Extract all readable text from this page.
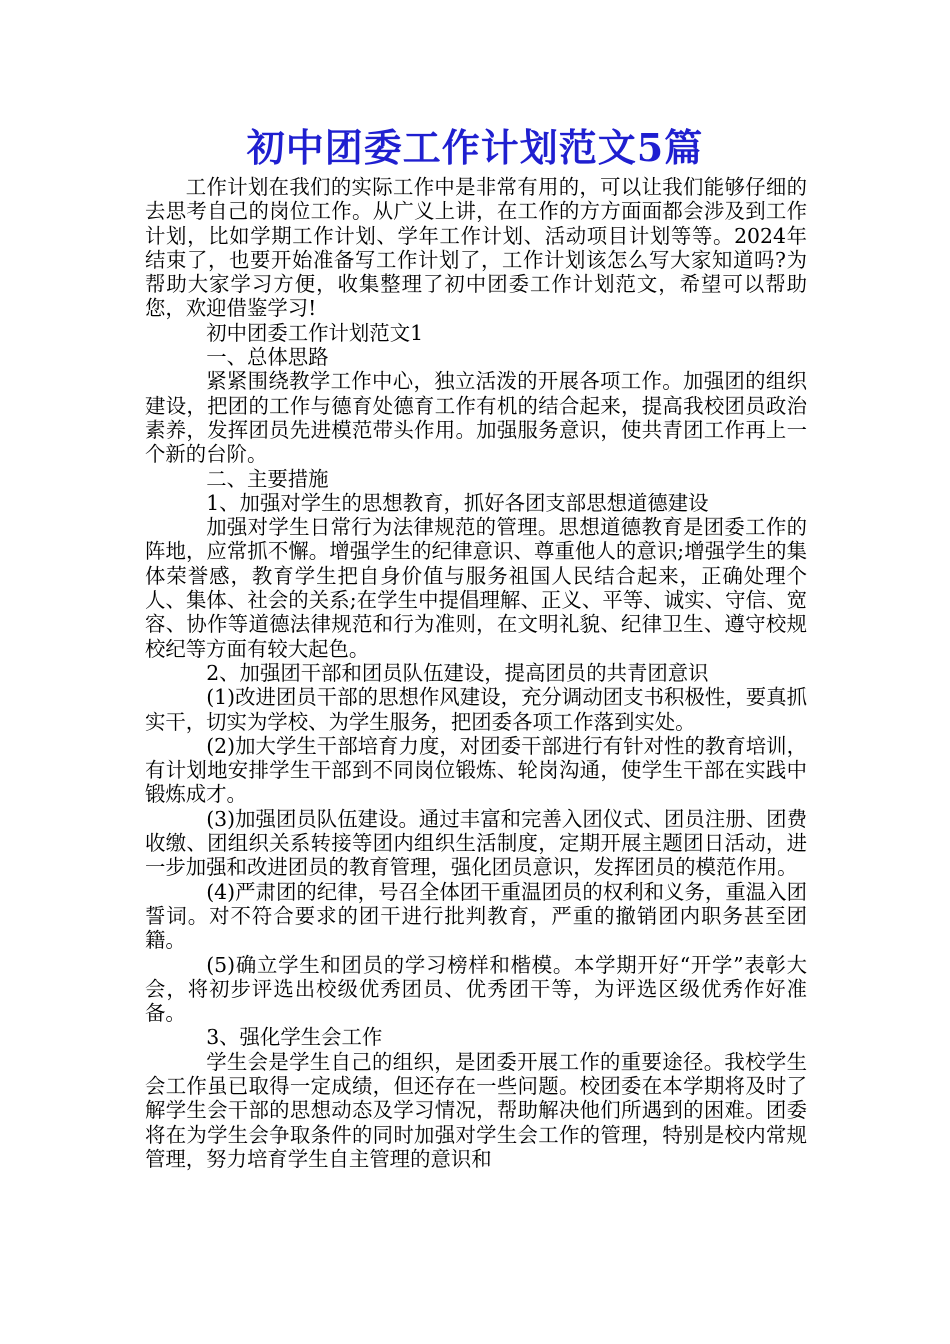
初中团委工作计划范文5篇

工作计划在我们的实际工作中是非常有用的，可以让我们能够仔细的去思考自己的岗位工作。从广义上讲，在工作的方方面面都会涉及到工作计划，比如学期工作计划、学年工作计划、活动项目计划等等。2024年结束了，也要开始准备写工作计划了，工作计划该怎么写大家知道吗?为帮助大家学习方便，收集整理了初中团委工作计划范文，希望可以帮助您，欢迎借鉴学习!

初中团委工作计划范文1

一、总体思路

紧紧围绕教学工作中心，独立活泼的开展各项工作。加强团的组织建设，把团的工作与德育处德育工作有机的结合起来，提高我校团员政治素养，发挥团员先进模范带头作用。加强服务意识，使共青团工作再上一个新的台阶。

二、主要措施

1、加强对学生的思想教育，抓好各团支部思想道德建设

加强对学生日常行为法律规范的管理。思想道德教育是团委工作的阵地，应常抓不懈。增强学生的纪律意识、尊重他人的意识;增强学生的集体荣誉感，教育学生把自身价值与服务祖国人民结合起来，正确处理个人、集体、社会的关系;在学生中提倡理解、正义、平等、诚实、守信、宽容、协作等道德法律规范和行为准则，在文明礼貌、纪律卫生、遵守校规校纪等方面有较大起色。

2、加强团干部和团员队伍建设，提高团员的共青团意识

(1)改进团员干部的思想作风建设，充分调动团支书积极性，要真抓实干，切实为学校、为学生服务，把团委各项工作落到实处。

(2)加大学生干部培育力度，对团委干部进行有针对性的教育培训，有计划地安排学生干部到不同岗位锻炼、轮岗沟通，使学生干部在实践中锻炼成才。

(3)加强团员队伍建设。通过丰富和完善入团仪式、团员注册、团费收缴、团组织关系转接等团内组织生活制度，定期开展主题团日活动，进一步加强和改进团员的教育管理，强化团员意识，发挥团员的模范作用。

(4)严肃团的纪律，号召全体团干重温团员的权利和义务，重温入团誓词。对不符合要求的团干进行批判教育，严重的撤销团内职务甚至团籍。

(5)确立学生和团员的学习榜样和楷模。本学期开好“开学”表彰大会，将初步评选出校级优秀团员、优秀团干等，为评选区级优秀作好准备。

3、强化学生会工作

学生会是学生自己的组织，是团委开展工作的重要途径。我校学生会工作虽已取得一定成绩，但还存在一些问题。校团委在本学期将及时了解学生会干部的思想动态及学习情况，帮助解决他们所遇到的困难。团委将在为学生会争取条件的同时加强对学生会工作的管理，特别是校内常规管理，努力培育学生自主管理的意识和
